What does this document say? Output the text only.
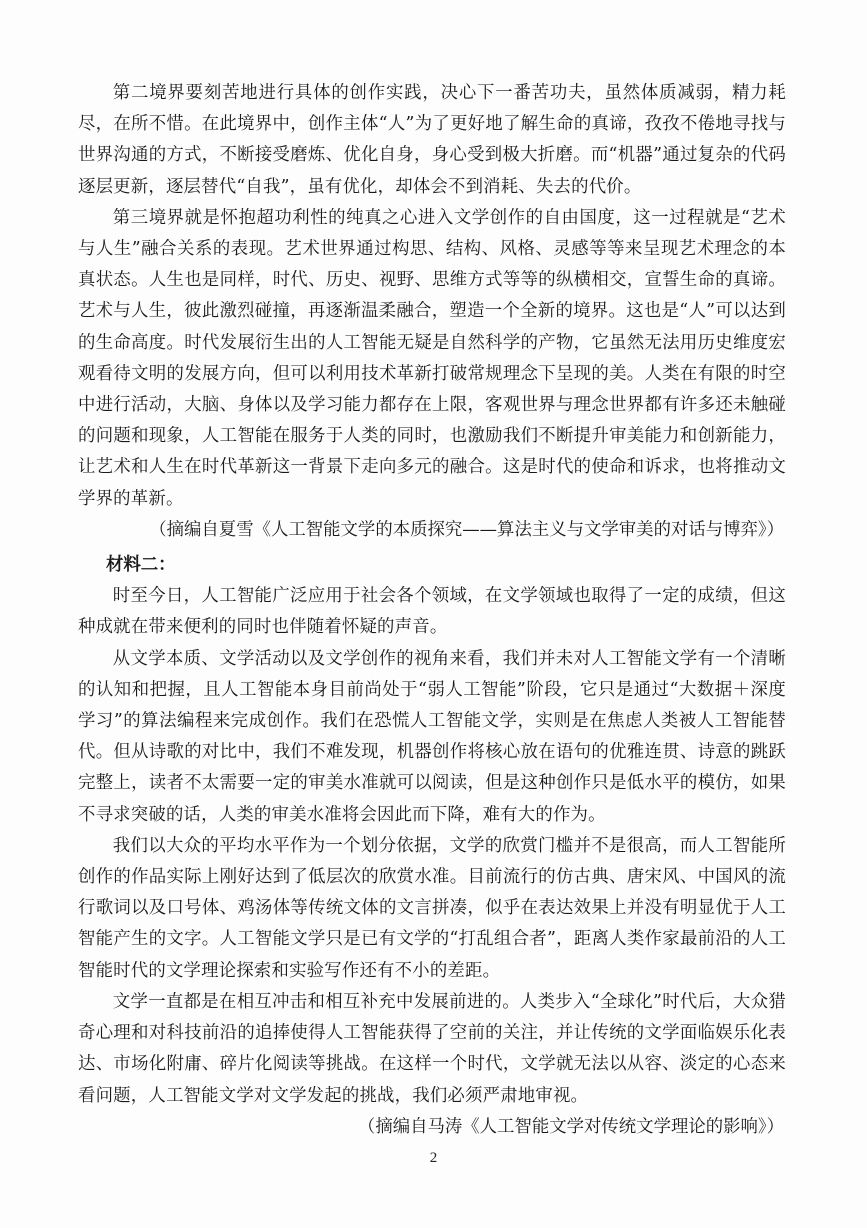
第二境界要刻苦地进行具体的创作实践，决心下一番苦功夫，虽然体质减弱，精力耗尽，在所不惜。在此境界中，创作主体“人”为了更好地了解生命的真谛，孜孜不倦地寻找与世界沟通的方式，不断接受磨炼、优化自身，身心受到极大折磨。而“机器”通过复杂的代码逐层更新，逐层替代“自我”，虽有优化，却体会不到消耗、失去的代价。

第三境界就是怀抱超功利性的纯真之心进入文学创作的自由国度，这一过程就是“艺术与人生”融合关系的表现。艺术世界通过构思、结构、风格、灵感等等来呈现艺术理念的本真状态。人生也是同样，时代、历史、视野、思维方式等等的纵横相交，宣誓生命的真谛。艺术与人生，彼此激烈碰撞，再逐渐温柔融合，塑造一个全新的境界。这也是“人”可以达到的生命高度。时代发展衍生出的人工智能无疑是自然科学的产物，它虽然无法用历史维度宏观看待文明的发展方向，但可以利用技术革新打破常规理念下呈现的美。人类在有限的时空中进行活动，大脑、身体以及学习能力都存在上限，客观世界与理念世界都有许多还未触碰的问题和现象，人工智能在服务于人类的同时，也激励我们不断提升审美能力和创新能力，让艺术和人生在时代革新这一背景下走向多元的融合。这是时代的使命和诉求，也将推动文学界的革新。

（摘编自夏雪《人工智能文学的本质探究——算法主义与文学审美的对话与博弈》）

材料二：

时至今日，人工智能广泛应用于社会各个领域，在文学领域也取得了一定的成绩，但这种成就在带来便利的同时也伴随着怀疑的声音。

从文学本质、文学活动以及文学创作的视角来看，我们并未对人工智能文学有一个清晰的认知和把握，且人工智能本身目前尚处于“弱人工智能”阶段，它只是通过“大数据＋深度学习”的算法编程来完成创作。我们在恐慌人工智能文学，实则是在焦虑人类被人工智能替代。但从诗歌的对比中，我们不难发现，机器创作将核心放在语句的优雅连贯、诗意的跳跃完整上，读者不太需要一定的审美水准就可以阅读，但是这种创作只是低水平的模仿，如果不寻求突破的话，人类的审美水准将会因此而下降，难有大的作为。

我们以大众的平均水平作为一个划分依据，文学的欣赏门槛并不是很高，而人工智能所创作的作品实际上刚好达到了低层次的欣赏水准。目前流行的仿古典、唐宋风、中国风的流行歌词以及口号体、鸡汤体等传统文体的文言拼凑，似乎在表达效果上并没有明显优于人工智能产生的文字。人工智能文学只是已有文学的“打乱组合者”，距离人类作家最前沿的人工智能时代的文学理论探索和实验写作还有不小的差距。

文学一直都是在相互冲击和相互补充中发展前进的。人类步入“全球化”时代后，大众猎奇心理和对科技前沿的追捧使得人工智能获得了空前的关注，并让传统的文学面临娱乐化表达、市场化附庸、碎片化阅读等挑战。在这样一个时代，文学就无法以从容、淡定的心态来看问题，人工智能文学对文学发起的挑战，我们必须严肃地审视。

（摘编自马涛《人工智能文学对传统文学理论的影响》）

2
